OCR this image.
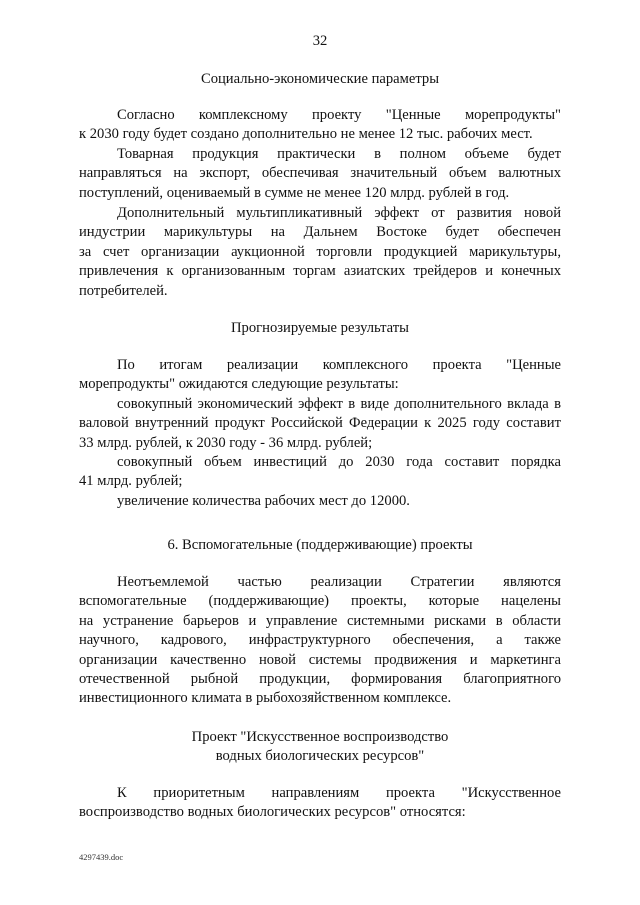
32
Социально-экономические параметры
Согласно комплексному проекту "Ценные морепродукты"
к 2030 году будет создано дополнительно не менее 12 тыс. рабочих мест.
Товарная продукция практически в полном объеме будет
направляться на экспорт, обеспечивая значительный объем валютных
поступлений, оцениваемый в сумме не менее 120 млрд. рублей в год.
Дополнительный мультипликативный эффект от развития новой
индустрии марикультуры на Дальнем Востоке будет обеспечен
за счет организации аукционной торговли продукцией марикультуры,
привлечения к организованным торгам азиатских трейдеров и конечных
потребителей.
Прогнозируемые результаты
По итогам реализации комплексного проекта "Ценные
морепродукты" ожидаются следующие результаты:
совокупный экономический эффект в виде дополнительного вклада в
валовой внутренний продукт Российской Федерации к 2025 году составит
33 млрд. рублей, к 2030 году - 36 млрд. рублей;
совокупный объем инвестиций до 2030 года составит порядка
41 млрд. рублей;
увеличение количества рабочих мест до 12000.
6. Вспомогательные (поддерживающие) проекты
Неотъемлемой частью реализации Стратегии являются
вспомогательные (поддерживающие) проекты, которые нацелены
на устранение барьеров и управление системными рисками в области
научного, кадрового, инфраструктурного обеспечения, а также
организации качественно новой системы продвижения и маркетинга
отечественной рыбной продукции, формирования благоприятного
инвестиционного климата в рыбохозяйственном комплексе.
Проект "Искусственное воспроизводство
водных биологических ресурсов"
К приоритетным направлениям проекта "Искусственное
воспроизводство водных биологических ресурсов" относятся:
4297439.doc
